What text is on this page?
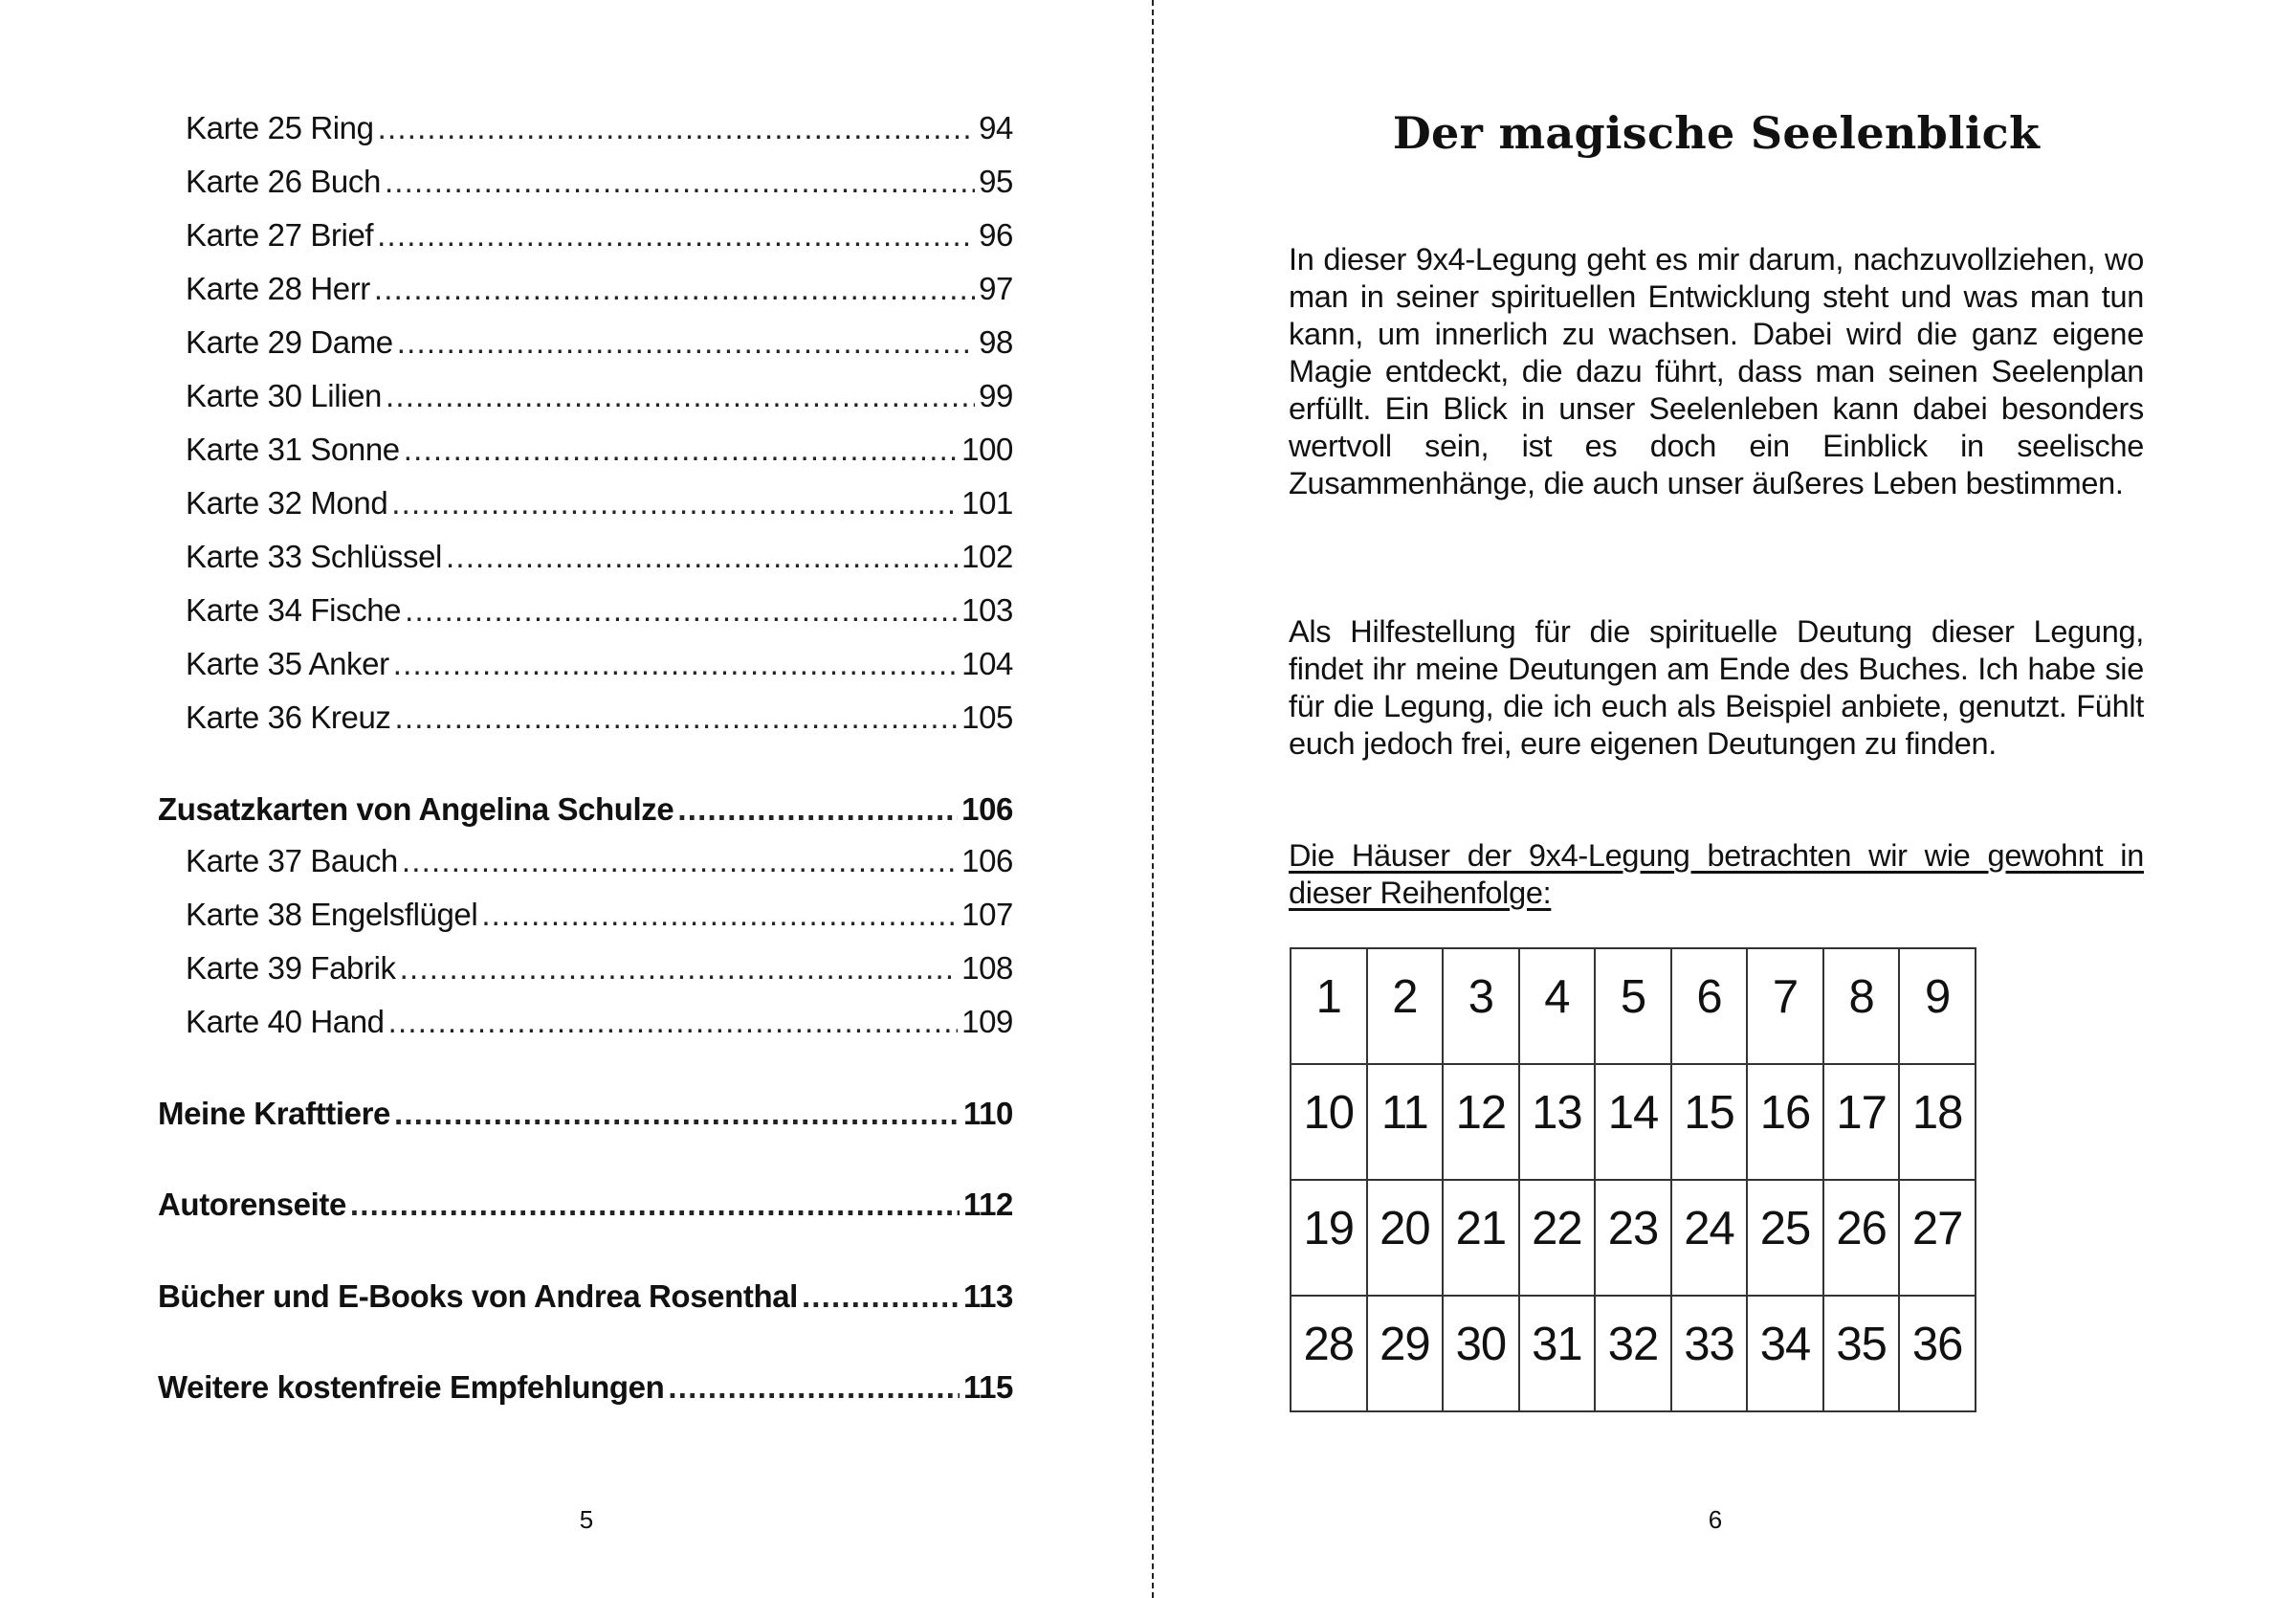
Karte 25 Ring .....	94
Karte 26 Buch .....	95
Karte 27 Brief .....	96
Karte 28 Herr .....	97
Karte 29 Dame .....	98
Karte 30 Lilien .....	99
Karte 31 Sonne .....	100
Karte 32 Mond .....	101
Karte 33 Schlüssel .....	102
Karte 34 Fische .....	103
Karte 35 Anker .....	104
Karte 36 Kreuz .....	105
Zusatzkarten von Angelina Schulze .....	106
Karte 37 Bauch .....	106
Karte 38 Engelsflügel .....	107
Karte 39 Fabrik .....	108
Karte 40 Hand .....	109
Meine Krafttiere .....	110
Autorenseite .....	112
Bücher und E-Books von Andrea Rosenthal .....	113
Weitere kostenfreie Empfehlungen .....	115
5
Der magische Seelenblick

In dieser 9x4-Legung geht es mir darum, nachzuvollziehen, wo man in seiner spirituellen Entwicklung steht und was man tun kann, um innerlich zu wachsen. Dabei wird die ganz eigene Magie entdeckt, die dazu führt, dass man seinen Seelenplan erfüllt. Ein Blick in unser Seelenleben kann dabei besonders wertvoll sein, ist es doch ein Einblick in seelische Zusammenhänge, die auch unser äußeres Leben bestimmen.

Als Hilfestellung für die spirituelle Deutung dieser Legung, findet ihr meine Deutungen am Ende des Buches. Ich habe sie für die Legung, die ich euch als Beispiel anbiete, genutzt. Fühlt euch jedoch frei, eure eigenen Deutungen zu finden.

Die Häuser der 9x4-Legung betrachten wir wie gewohnt in dieser Reihenfolge:

1	2	3	4	5	6	7	8	9
10	11	12	13	14	15	16	17	18
19	20	21	22	23	24	25	26	27
28	29	30	31	32	33	34	35	36
6
